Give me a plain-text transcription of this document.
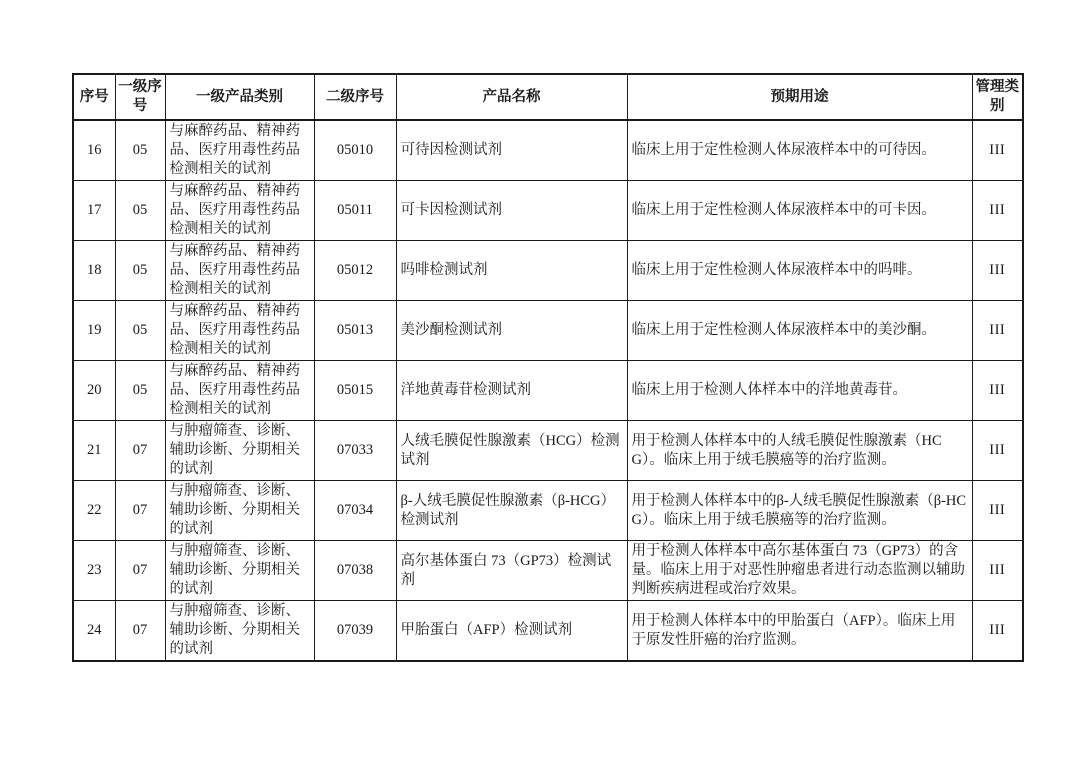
序号	一级序号	一级产品类别	二级序号	产品名称	预期用途	管理类别
16	05	与麻醉药品、精神药品、医疗用毒性药品检测相关的试剂	05010	可待因检测试剂	临床上用于定性检测人体尿液样本中的可待因。	III
17	05	与麻醉药品、精神药品、医疗用毒性药品检测相关的试剂	05011	可卡因检测试剂	临床上用于定性检测人体尿液样本中的可卡因。	III
18	05	与麻醉药品、精神药品、医疗用毒性药品检测相关的试剂	05012	吗啡检测试剂	临床上用于定性检测人体尿液样本中的吗啡。	III
19	05	与麻醉药品、精神药品、医疗用毒性药品检测相关的试剂	05013	美沙酮检测试剂	临床上用于定性检测人体尿液样本中的美沙酮。	III
20	05	与麻醉药品、精神药品、医疗用毒性药品检测相关的试剂	05015	洋地黄毒苷检测试剂	临床上用于检测人体样本中的洋地黄毒苷。	III
21	07	与肿瘤筛查、诊断、辅助诊断、分期相关的试剂	07033	人绒毛膜促性腺激素（HCG）检测试剂	用于检测人体样本中的人绒毛膜促性腺激素（HCG）。临床上用于绒毛膜癌等的治疗监测。	III
22	07	与肿瘤筛查、诊断、辅助诊断、分期相关的试剂	07034	β-人绒毛膜促性腺激素（β-HCG）检测试剂	用于检测人体样本中的β-人绒毛膜促性腺激素（β-HCG）。临床上用于绒毛膜癌等的治疗监测。	III
23	07	与肿瘤筛查、诊断、辅助诊断、分期相关的试剂	07038	高尔基体蛋白 73（GP73）检测试剂	用于检测人体样本中高尔基体蛋白 73（GP73）的含量。临床上用于对恶性肿瘤患者进行动态监测以辅助判断疾病进程或治疗效果。	III
24	07	与肿瘤筛查、诊断、辅助诊断、分期相关的试剂	07039	甲胎蛋白（AFP）检测试剂	用于检测人体样本中的甲胎蛋白（AFP）。临床上用于原发性肝癌的治疗监测。	III
